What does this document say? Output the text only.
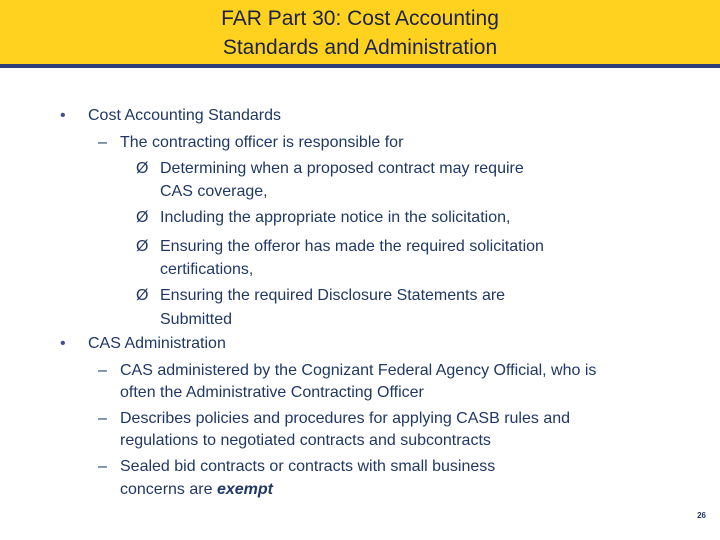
FAR Part 30: Cost Accounting
Standards and Administration
• Cost Accounting Standards
– The contracting officer is responsible for
Ø Determining when a proposed contract may require
CAS coverage,
Ø Including the appropriate notice in the solicitation,
Ø Ensuring the offeror has made the required solicitation
certifications,
Ø Ensuring the required Disclosure Statements are
Submitted
• CAS Administration
– CAS administered by the Cognizant Federal Agency Official, who is
often the Administrative Contracting Officer
– Describes policies and procedures for applying CASB rules and
regulations to negotiated contracts and subcontracts
– Sealed bid contracts or contracts with small business
concerns are exempt
26
